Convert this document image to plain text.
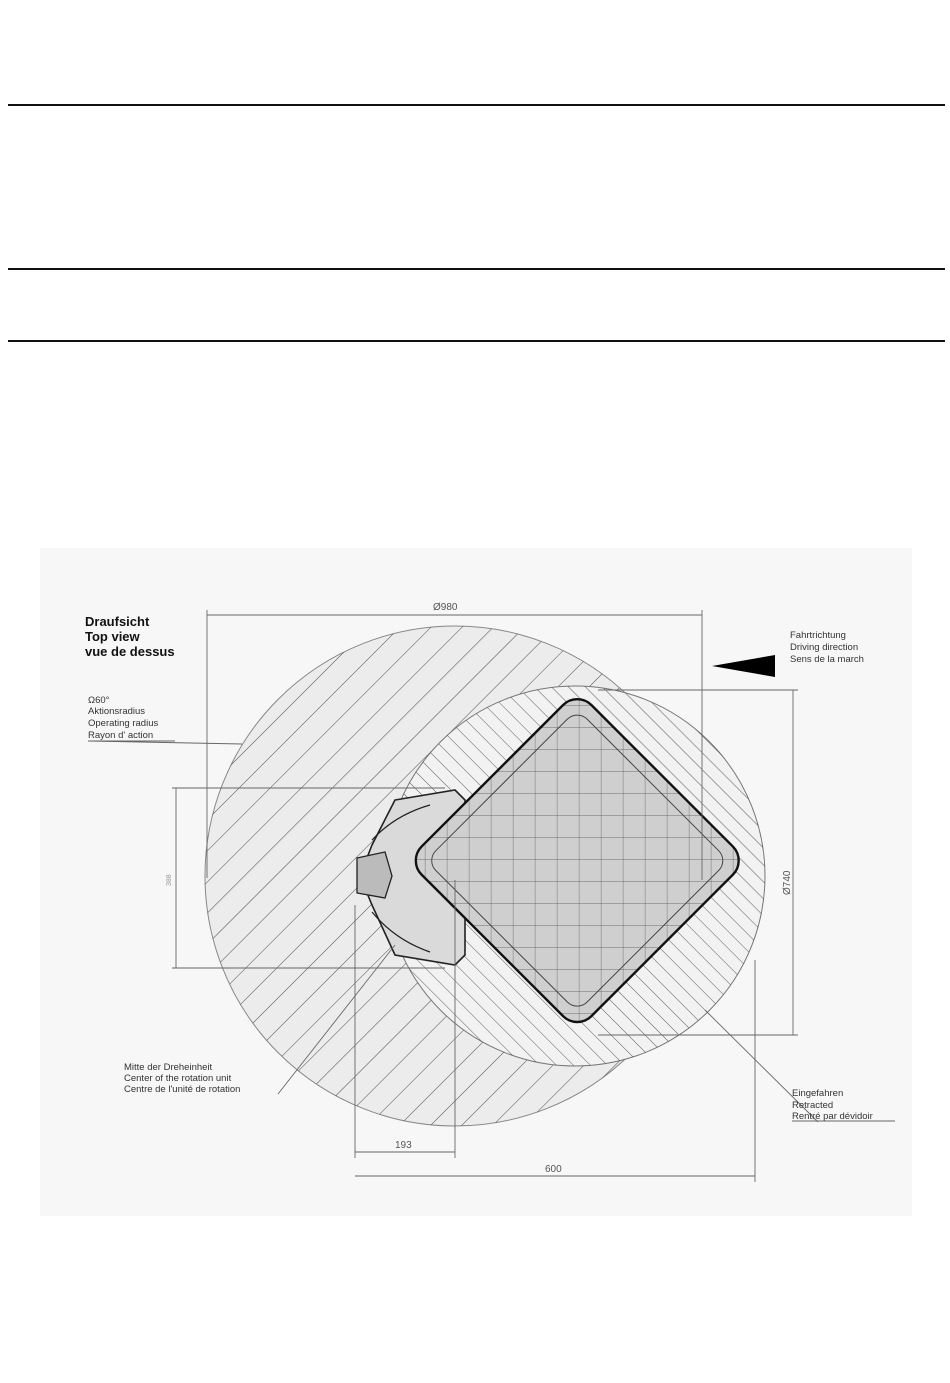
Draufsicht
Top view
vue de dessus
Ω60°
Aktionsradius
Operating radius
Rayon d' action
Fahrtrichtung
Driving direction
Sens de la march
Mitte der Dreheinheit
Center of the rotation unit
Centre de l'unité de rotation	Eingefahren
Retracted
Rentré par dévidoir
Ø980
Ø740
388
193
600
